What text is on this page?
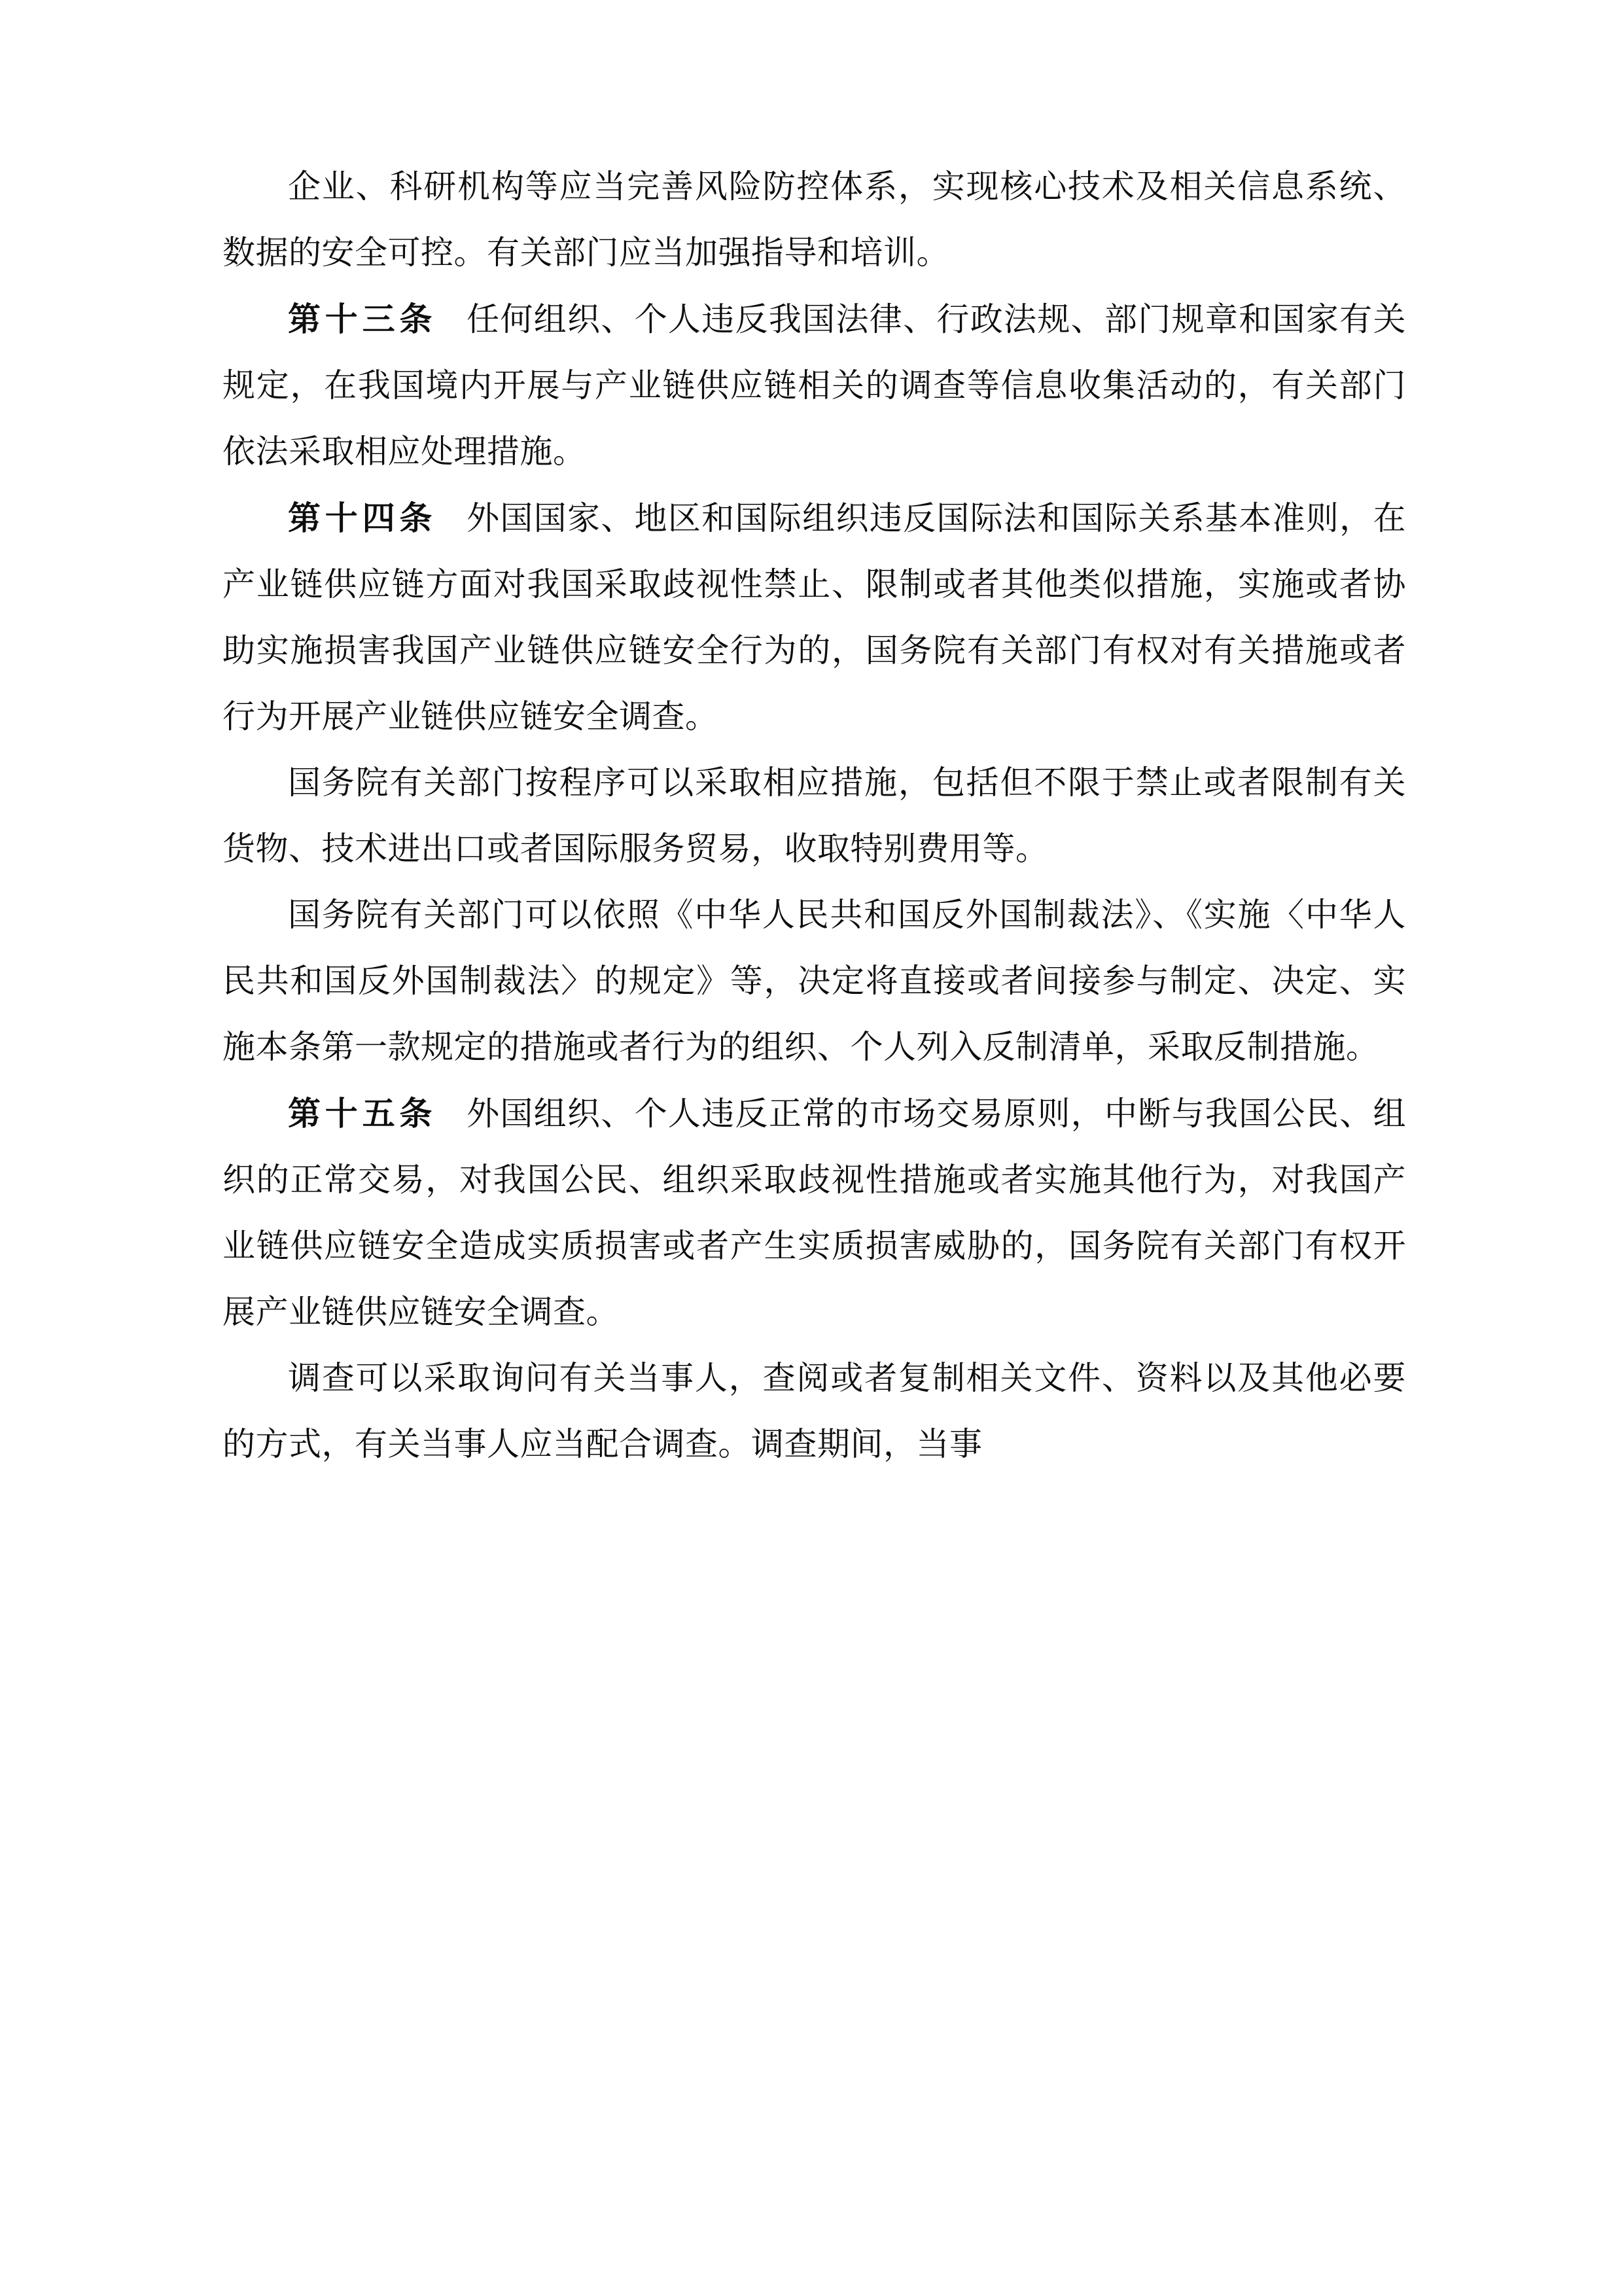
企业、科研机构等应当完善风险防控体系，实现核心技术及相关信息系统、数据的安全可控。有关部门应当加强指导和培训。

第十三条 任何组织、个人违反我国法律、行政法规、部门规章和国家有关规定，在我国境内开展与产业链供应链相关的调查等信息收集活动的，有关部门依法采取相应处理措施。

第十四条 外国国家、地区和国际组织违反国际法和国际关系基本准则，在产业链供应链方面对我国采取歧视性禁止、限制或者其他类似措施，实施或者协助实施损害我国产业链供应链安全行为的，国务院有关部门有权对有关措施或者行为开展产业链供应链安全调查。

国务院有关部门按程序可以采取相应措施，包括但不限于禁止或者限制有关货物、技术进出口或者国际服务贸易，收取特别费用等。

国务院有关部门可以依照《中华人民共和国反外国制裁法》、《实施〈中华人民共和国反外国制裁法〉的规定》等，决定将直接或者间接参与制定、决定、实施本条第一款规定的措施或者行为的组织、个人列入反制清单，采取反制措施。

第十五条 外国组织、个人违反正常的市场交易原则，中断与我国公民、组织的正常交易，对我国公民、组织采取歧视性措施或者实施其他行为，对我国产业链供应链安全造成实质损害或者产生实质损害威胁的，国务院有关部门有权开展产业链供应链安全调查。

调查可以采取询问有关当事人，查阅或者复制相关文件、资料以及其他必要的方式，有关当事人应当配合调查。调查期间，当事
